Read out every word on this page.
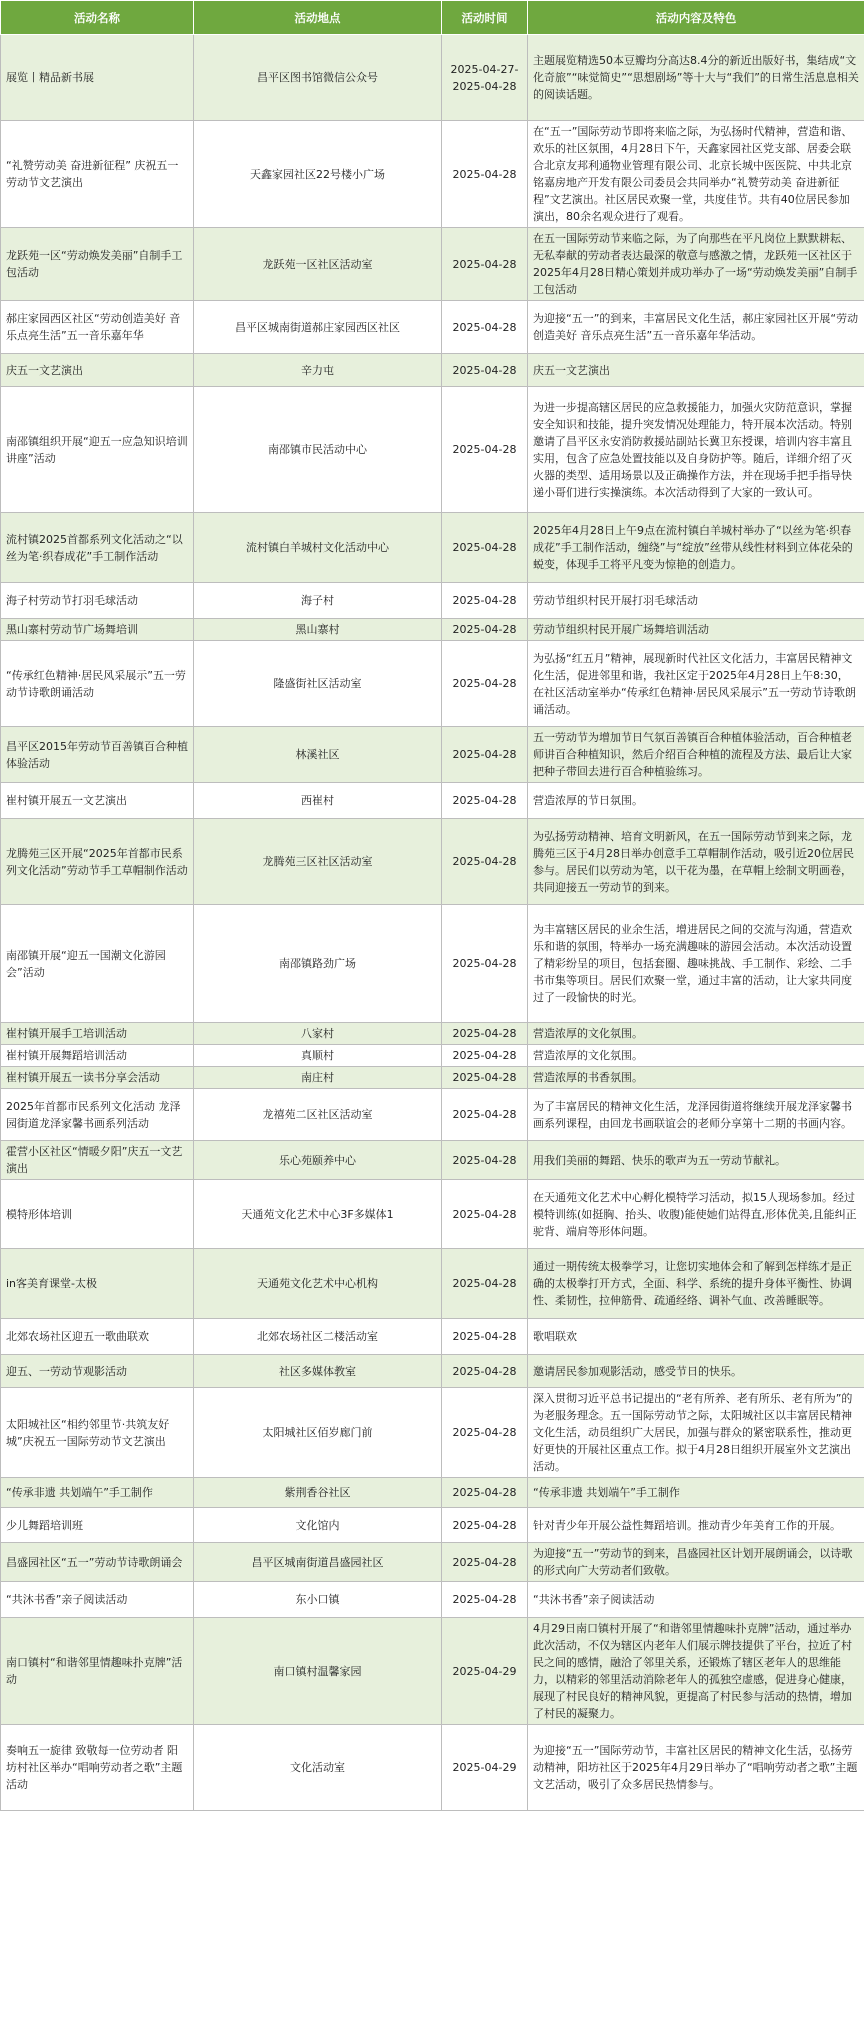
活动名称	活动地点	活动时间	活动内容及特色
展览丨精品新书展	昌平区图书馆微信公众号	2025-04-27-2025-04-28	主题展览精选50本豆瓣均分高达8.4分的新近出版好书，集结成“文化奇旅”“味觉简史”“思想剧场”等十大与“我们”的日常生活息息相关的阅读话题。
“礼赞劳动美 奋进新征程” 庆祝五一劳动节文艺演出	天鑫家园社区22号楼小广场	2025-04-28	在“五一”国际劳动节即将来临之际，为弘扬时代精神，营造和谐、欢乐的社区氛围，4月28日下午，天鑫家园社区党支部、居委会联合北京友邦利通物业管理有限公司、北京长城中医医院、中共北京铭嘉房地产开发有限公司委员会共同举办“礼赞劳动美 奋进新征程”文艺演出。社区居民欢聚一堂，共度佳节。共有40位居民参加演出，80余名观众进行了观看。
龙跃苑一区“劳动焕发美丽”自制手工包活动	龙跃苑一区社区活动室	2025-04-28	在五一国际劳动节来临之际，为了向那些在平凡岗位上默默耕耘、无私奉献的劳动者表达最深的敬意与感激之情，龙跃苑一区社区于2025年4月28日精心策划并成功举办了一场“劳动焕发美丽”自制手工包活动
郝庄家园西区社区“劳动创造美好 音乐点亮生活”五一音乐嘉年华	昌平区城南街道郝庄家园西区社区	2025-04-28	为迎接“五一”的到来，丰富居民文化生活，郝庄家园社区开展“劳动创造美好 音乐点亮生活”五一音乐嘉年华活动。
庆五一文艺演出	辛力屯	2025-04-28	庆五一文艺演出
南邵镇组织开展“迎五一应急知识培训讲座”活动	南邵镇市民活动中心	2025-04-28	为进一步提高辖区居民的应急救援能力，加强火灾防范意识，掌握安全知识和技能，提升突发情况处理能力，特开展本次活动。特别邀请了昌平区永安消防救援站副站长冀卫东授课，培训内容丰富且实用，包含了应急处置技能以及自身防护等。随后，详细介绍了灭火器的类型、适用场景以及正确操作方法，并在现场手把手指导快递小哥们进行实操演练。本次活动得到了大家的一致认可。
流村镇2025首都系列文化活动之“以丝为笔·织春成花”手工制作活动	流村镇白羊城村文化活动中心	2025-04-28	2025年4月28日上午9点在流村镇白羊城村举办了“以丝为笔·织春成花”手工制作活动，缠绕”与“绽放”丝带从线性材料到立体花朵的蜕变，体现手工将平凡变为惊艳的创造力。
海子村劳动节打羽毛球活动	海子村	2025-04-28	劳动节组织村民开展打羽毛球活动
黑山寨村劳动节广场舞培训	黑山寨村	2025-04-28	劳动节组织村民开展广场舞培训活动
“传承红色精神·居民风采展示”五一劳动节诗歌朗诵活动	隆盛街社区活动室	2025-04-28	为弘扬“红五月”精神，展现新时代社区文化活力，丰富居民精神文化生活，促进邻里和谐，我社区定于2025年4月28日上午8:30，在社区活动室举办“传承红色精神·居民风采展示”五一劳动节诗歌朗诵活动。
昌平区2015年劳动节百善镇百合种植体验活动	林溪社区	2025-04-28	五一劳动节为增加节日气氛百善镇百合种植体验活动，百合种植老师讲百合种植知识，然后介绍百合种植的流程及方法、最后让大家把种子带回去进行百合种植验练习。
崔村镇开展五一文艺演出	西崔村	2025-04-28	营造浓厚的节日氛围。
龙腾苑三区开展“2025年首都市民系列文化活动”劳动节手工草帽制作活动	龙腾苑三区社区活动室	2025-04-28	为弘扬劳动精神、培育文明新风，在五一国际劳动节到来之际，龙腾苑三区于4月28日举办创意手工草帽制作活动，吸引近20位居民参与。居民们以劳动为笔，以干花为墨，在草帽上绘制文明画卷，共同迎接五一劳动节的到来。
南邵镇开展“迎五一国潮文化游园会”活动	南邵镇路劲广场	2025-04-28	为丰富辖区居民的业余生活，增进居民之间的交流与沟通，营造欢乐和谐的氛围，特举办一场充满趣味的游园会活动。本次活动设置了精彩纷呈的项目，包括套圈、趣味挑战、手工制作、彩绘、二手书市集等项目。居民们欢聚一堂，通过丰富的活动，让大家共同度过了一段愉快的时光。
崔村镇开展手工培训活动	八家村	2025-04-28	营造浓厚的文化氛围。
崔村镇开展舞蹈培训活动	真顺村	2025-04-28	营造浓厚的文化氛围。
崔村镇开展五一读书分享会活动	南庄村	2025-04-28	营造浓厚的书香氛围。
2025年首都市民系列文化活动 龙泽园街道龙泽家馨书画系列活动	龙禧苑二区社区活动室	2025-04-28	为了丰富居民的精神文化生活，龙泽园街道将继续开展龙泽家馨书画系列课程，由回龙书画联谊会的老师分享第十二期的书画内容。
霍营小区社区“情暖夕阳”庆五一文艺演出	乐心苑颐养中心	2025-04-28	用我们美丽的舞蹈、快乐的歌声为五一劳动节献礼。
模特形体培训	天通苑文化艺术中心3F多媒体1	2025-04-28	在天通苑文化艺术中心孵化模特学习活动，拟15人现场参加。经过模特训练(如挺胸、抬头、收腹)能使她们站得直,形体优美,且能纠正驼背、端肩等形体问题。
in客美育课堂-太极	天通苑文化艺术中心机构	2025-04-28	通过一期传统太极拳学习，让您切实地体会和了解到怎样练才是正确的太极拳打开方式，全面、科学、系统的提升身体平衡性、协调性、柔韧性，拉伸筋骨、疏通经络、调补气血、改善睡眠等。
北郊农场社区迎五一歌曲联欢	北郊农场社区二楼活动室	2025-04-28	歌唱联欢
迎五、一劳动节观影活动	社区多媒体教室	2025-04-28	邀请居民参加观影活动，感受节日的快乐。
太阳城社区“相约邻里节·共筑友好城”庆祝五一国际劳动节文艺演出	太阳城社区佰岁廊门前	2025-04-28	深入贯彻习近平总书记提出的“老有所养、老有所乐、老有所为”的为老服务理念。五一国际劳动节之际，太阳城社区以丰富居民精神文化生活，动员组织广大居民，加强与群众的紧密联系性，推动更好更快的开展社区重点工作。拟于4月28日组织开展室外文艺演出活动。
“传承非遗 共划端午”手工制作	紫荆香谷社区	2025-04-28	“传承非遗 共划端午”手工制作
少儿舞蹈培训班	文化馆内	2025-04-28	针对青少年开展公益性舞蹈培训。推动青少年美育工作的开展。
昌盛园社区“五一”劳动节诗歌朗诵会	昌平区城南街道昌盛园社区	2025-04-28	为迎接“五一”劳动节的到来，昌盛园社区计划开展朗诵会，以诗歌的形式向广大劳动者们致敬。
“共沐书香”亲子阅读活动	东小口镇	2025-04-28	“共沐书香”亲子阅读活动
南口镇村“和谐邻里情趣味扑克牌”活动	南口镇村温馨家园	2025-04-29	4月29日南口镇村开展了“和谐邻里情趣味扑克牌”活动，通过举办此次活动，不仅为辖区内老年人们展示牌技提供了平台，拉近了村民之间的感情，融洽了邻里关系，还锻炼了辖区老年人的思维能力，以精彩的邻里活动消除老年人的孤独空虚感，促进身心健康，展现了村民良好的精神风貌，更提高了村民参与活动的热情，增加了村民的凝聚力。
奏响五一旋律 致敬每一位劳动者 阳坊村社区举办“唱响劳动者之歌”主题活动	文化活动室	2025-04-29	为迎接“五一”国际劳动节，丰富社区居民的精神文化生活，弘扬劳动精神，阳坊社区于2025年4月29日举办了“唱响劳动者之歌”主题文艺活动，吸引了众多居民热情参与。
